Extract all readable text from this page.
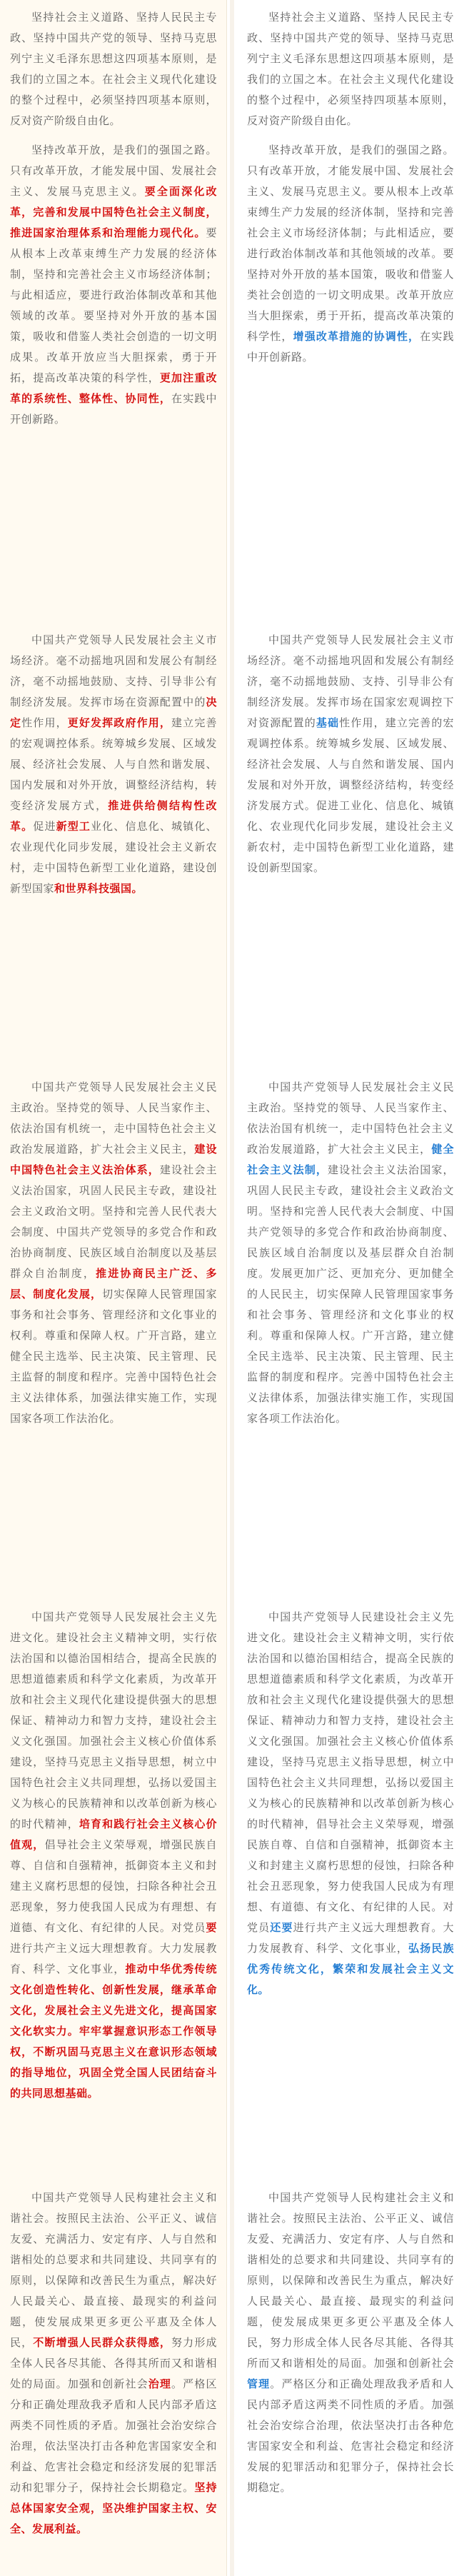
坚持社会主义道路、坚持人民民主专政、坚持中国共产党的领导、坚持马克思列宁主义毛泽东思想这四项基本原则，是我们的立国之本。在社会主义现代化建设的整个过程中，必须坚持四项基本原则，反对资产阶级自由化。

坚持改革开放，是我们的强国之路。只有改革开放，才能发展中国、发展社会主义、发展马克思主义。要全面深化改革，完善和发展中国特色社会主义制度，推进国家治理体系和治理能力现代化。要从根本上改革束缚生产力发展的经济体制，坚持和完善社会主义市场经济体制；与此相适应，要进行政治体制改革和其他领域的改革。要坚持对外开放的基本国策，吸收和借鉴人类社会创造的一切文明成果。改革开放应当大胆探索，勇于开拓，提高改革决策的科学性，更加注重改革的系统性、整体性、协同性，在实践中开创新路。

中国共产党领导人民发展社会主义市场经济。毫不动摇地巩固和发展公有制经济，毫不动摇地鼓励、支持、引导非公有制经济发展。发挥市场在资源配置中的决定性作用，更好发挥政府作用，建立完善的宏观调控体系。统筹城乡发展、区域发展、经济社会发展、人与自然和谐发展、国内发展和对外开放，调整经济结构，转变经济发展方式，推进供给侧结构性改革。促进新型工业化、信息化、城镇化、农业现代化同步发展，建设社会主义新农村，走中国特色新型工业化道路，建设创新型国家和世界科技强国。

中国共产党领导人民发展社会主义民主政治。坚持党的领导、人民当家作主、依法治国有机统一，走中国特色社会主义政治发展道路，扩大社会主义民主，建设中国特色社会主义法治体系，建设社会主义法治国家，巩固人民民主专政，建设社会主义政治文明。坚持和完善人民代表大会制度、中国共产党领导的多党合作和政治协商制度、民族区域自治制度以及基层群众自治制度，推进协商民主广泛、多层、制度化发展，切实保障人民管理国家事务和社会事务、管理经济和文化事业的权利。尊重和保障人权。广开言路，建立健全民主选举、民主决策、民主管理、民主监督的制度和程序。完善中国特色社会主义法律体系，加强法律实施工作，实现国家各项工作法治化。

中国共产党领导人民发展社会主义先进文化。建设社会主义精神文明，实行依法治国和以德治国相结合，提高全民族的思想道德素质和科学文化素质，为改革开放和社会主义现代化建设提供强大的思想保证、精神动力和智力支持，建设社会主义文化强国。加强社会主义核心价值体系建设，坚持马克思主义指导思想，树立中国特色社会主义共同理想，弘扬以爱国主义为核心的民族精神和以改革创新为核心的时代精神，培育和践行社会主义核心价值观，倡导社会主义荣辱观，增强民族自尊、自信和自强精神，抵御资本主义和封建主义腐朽思想的侵蚀，扫除各种社会丑恶现象，努力使我国人民成为有理想、有道德、有文化、有纪律的人民。对党员要进行共产主义远大理想教育。大力发展教育、科学、文化事业，推动中华优秀传统文化创造性转化、创新性发展，继承革命文化，发展社会主义先进文化，提高国家文化软实力。牢牢掌握意识形态工作领导权，不断巩固马克思主义在意识形态领域的指导地位，巩固全党全国人民团结奋斗的共同思想基础。

中国共产党领导人民构建社会主义和谐社会。按照民主法治、公平正义、诚信友爱、充满活力、安定有序、人与自然和谐相处的总要求和共同建设、共同享有的原则，以保障和改善民生为重点，解决好人民最关心、最直接、最现实的利益问题，使发展成果更多更公平惠及全体人民，不断增强人民群众获得感，努力形成全体人民各尽其能、各得其所而又和谐相处的局面。加强和创新社会治理。严格区分和正确处理敌我矛盾和人民内部矛盾这两类不同性质的矛盾。加强社会治安综合治理，依法坚决打击各种危害国家安全和利益、危害社会稳定和经济发展的犯罪活动和犯罪分子，保持社会长期稳定。坚持总体国家安全观，坚决维护国家主权、安全、发展利益。

坚持社会主义道路、坚持人民民主专政、坚持中国共产党的领导、坚持马克思列宁主义毛泽东思想这四项基本原则，是我们的立国之本。在社会主义现代化建设的整个过程中，必须坚持四项基本原则，反对资产阶级自由化。

坚持改革开放，是我们的强国之路。只有改革开放，才能发展中国、发展社会主义、发展马克思主义。要从根本上改革束缚生产力发展的经济体制，坚持和完善社会主义市场经济体制；与此相适应，要进行政治体制改革和其他领域的改革。要坚持对外开放的基本国策，吸收和借鉴人类社会创造的一切文明成果。改革开放应当大胆探索，勇于开拓，提高改革决策的科学性，增强改革措施的协调性，在实践中开创新路。

中国共产党领导人民发展社会主义市场经济。毫不动摇地巩固和发展公有制经济，毫不动摇地鼓励、支持、引导非公有制经济发展。发挥市场在国家宏观调控下对资源配置的基础性作用，建立完善的宏观调控体系。统筹城乡发展、区域发展、经济社会发展、人与自然和谐发展、国内发展和对外开放，调整经济结构，转变经济发展方式。促进工业化、信息化、城镇化、农业现代化同步发展，建设社会主义新农村，走中国特色新型工业化道路，建设创新型国家。

中国共产党领导人民发展社会主义民主政治。坚持党的领导、人民当家作主、依法治国有机统一，走中国特色社会主义政治发展道路，扩大社会主义民主，健全社会主义法制，建设社会主义法治国家，巩固人民民主专政，建设社会主义政治文明。坚持和完善人民代表大会制度、中国共产党领导的多党合作和政治协商制度、民族区域自治制度以及基层群众自治制度。发展更加广泛、更加充分、更加健全的人民民主，切实保障人民管理国家事务和社会事务、管理经济和文化事业的权利。尊重和保障人权。广开言路，建立健全民主选举、民主决策、民主管理、民主监督的制度和程序。完善中国特色社会主义法律体系，加强法律实施工作，实现国家各项工作法治化。

中国共产党领导人民建设社会主义先进文化。建设社会主义精神文明，实行依法治国和以德治国相结合，提高全民族的思想道德素质和科学文化素质，为改革开放和社会主义现代化建设提供强大的思想保证、精神动力和智力支持，建设社会主义文化强国。加强社会主义核心价值体系建设，坚持马克思主义指导思想，树立中国特色社会主义共同理想，弘扬以爱国主义为核心的民族精神和以改革创新为核心的时代精神，倡导社会主义荣辱观，增强民族自尊、自信和自强精神，抵御资本主义和封建主义腐朽思想的侵蚀，扫除各种社会丑恶现象，努力使我国人民成为有理想、有道德、有文化、有纪律的人民。对党员还要进行共产主义远大理想教育。大力发展教育、科学、文化事业，弘扬民族优秀传统文化，繁荣和发展社会主义文化。

中国共产党领导人民构建社会主义和谐社会。按照民主法治、公平正义、诚信友爱、充满活力、安定有序、人与自然和谐相处的总要求和共同建设、共同享有的原则，以保障和改善民生为重点，解决好人民最关心、最直接、最现实的利益问题，使发展成果更多更公平惠及全体人民，努力形成全体人民各尽其能、各得其所而又和谐相处的局面。加强和创新社会管理。严格区分和正确处理敌我矛盾和人民内部矛盾这两类不同性质的矛盾。加强社会治安综合治理，依法坚决打击各种危害国家安全和利益、危害社会稳定和经济发展的犯罪活动和犯罪分子，保持社会长期稳定。
